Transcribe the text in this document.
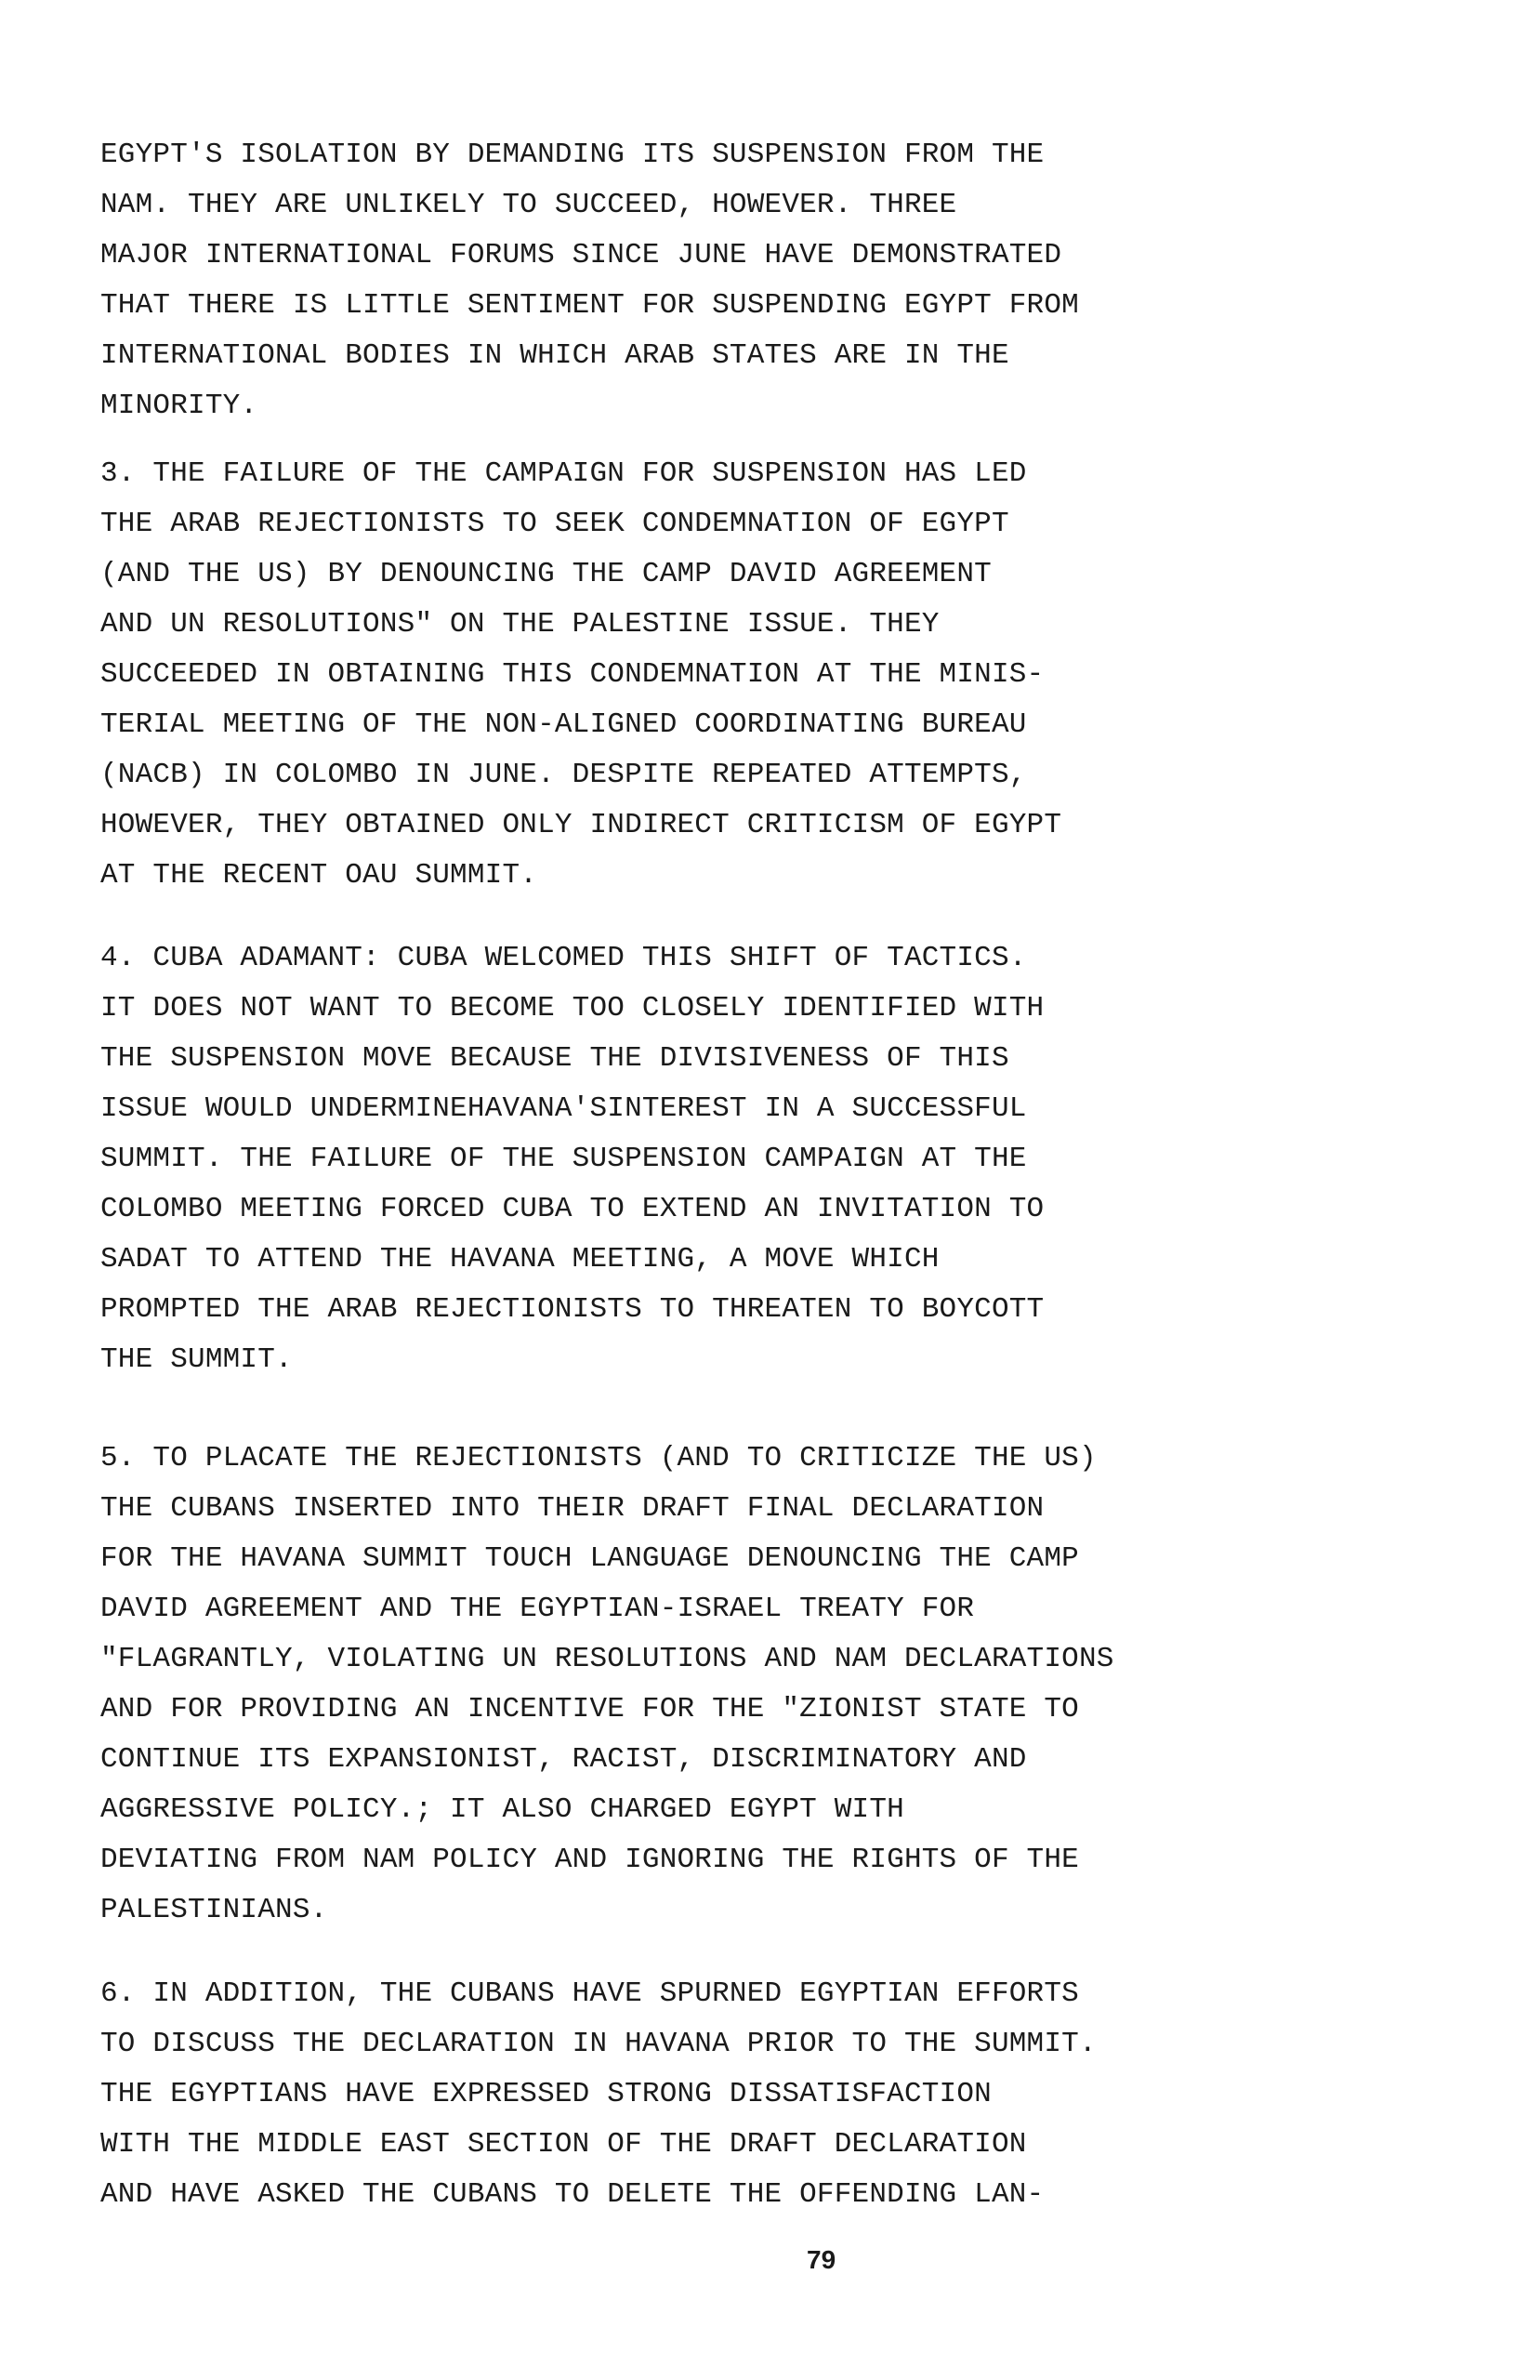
EGYPT'S ISOLATION BY DEMANDING ITS SUSPENSION FROM THE
NAM. THEY ARE UNLIKELY TO SUCCEED, HOWEVER. THREE
MAJOR INTERNATIONAL FORUMS SINCE JUNE HAVE DEMONSTRATED
THAT THERE IS LITTLE SENTIMENT FOR SUSPENDING EGYPT FROM
INTERNATIONAL BODIES IN WHICH ARAB STATES ARE IN THE
MINORITY.
3. THE FAILURE OF THE CAMPAIGN FOR SUSPENSION HAS LED
THE ARAB REJECTIONISTS TO SEEK CONDEMNATION OF EGYPT
(AND THE US) BY DENOUNCING THE CAMP DAVID AGREEMENT
AND UN RESOLUTIONS" ON THE PALESTINE ISSUE. THEY
SUCCEEDED IN OBTAINING THIS CONDEMNATION AT THE MINIS-
TERIAL MEETING OF THE NON-ALIGNED COORDINATING BUREAU
(NACB) IN COLOMBO IN JUNE. DESPITE REPEATED ATTEMPTS,
HOWEVER, THEY OBTAINED ONLY INDIRECT CRITICISM OF EGYPT
AT THE RECENT OAU SUMMIT.
4. CUBA ADAMANT: CUBA WELCOMED THIS SHIFT OF TACTICS.
IT DOES NOT WANT TO BECOME TOO CLOSELY IDENTIFIED WITH
THE SUSPENSION MOVE BECAUSE THE DIVISIVENESS OF THIS
ISSUE WOULD UNDERMINEHAVANA'SINTEREST IN A SUCCESSFUL
SUMMIT. THE FAILURE OF THE SUSPENSION CAMPAIGN AT THE
COLOMBO MEETING FORCED CUBA TO EXTEND AN INVITATION TO
SADAT TO ATTEND THE HAVANA MEETING, A MOVE WHICH
PROMPTED THE ARAB REJECTIONISTS TO THREATEN TO BOYCOTT
THE SUMMIT.
5. TO PLACATE THE REJECTIONISTS (AND TO CRITICIZE THE US)
THE CUBANS INSERTED INTO THEIR DRAFT FINAL DECLARATION
FOR THE HAVANA SUMMIT TOUCH LANGUAGE DENOUNCING THE CAMP
DAVID AGREEMENT AND THE EGYPTIAN-ISRAEL TREATY FOR
"FLAGRANTLY, VIOLATING UN RESOLUTIONS AND NAM DECLARATIONS
AND FOR PROVIDING AN INCENTIVE FOR THE "ZIONIST STATE TO
CONTINUE ITS EXPANSIONIST, RACIST, DISCRIMINATORY AND
AGGRESSIVE POLICY.; IT ALSO CHARGED EGYPT WITH
DEVIATING FROM NAM POLICY AND IGNORING THE RIGHTS OF THE
PALESTINIANS.
6. IN ADDITION, THE CUBANS HAVE SPURNED EGYPTIAN EFFORTS
TO DISCUSS THE DECLARATION IN HAVANA PRIOR TO THE SUMMIT.
THE EGYPTIANS HAVE EXPRESSED STRONG DISSATISFACTION
WITH THE MIDDLE EAST SECTION OF THE DRAFT DECLARATION
AND HAVE ASKED THE CUBANS TO DELETE THE OFFENDING LAN-
79
